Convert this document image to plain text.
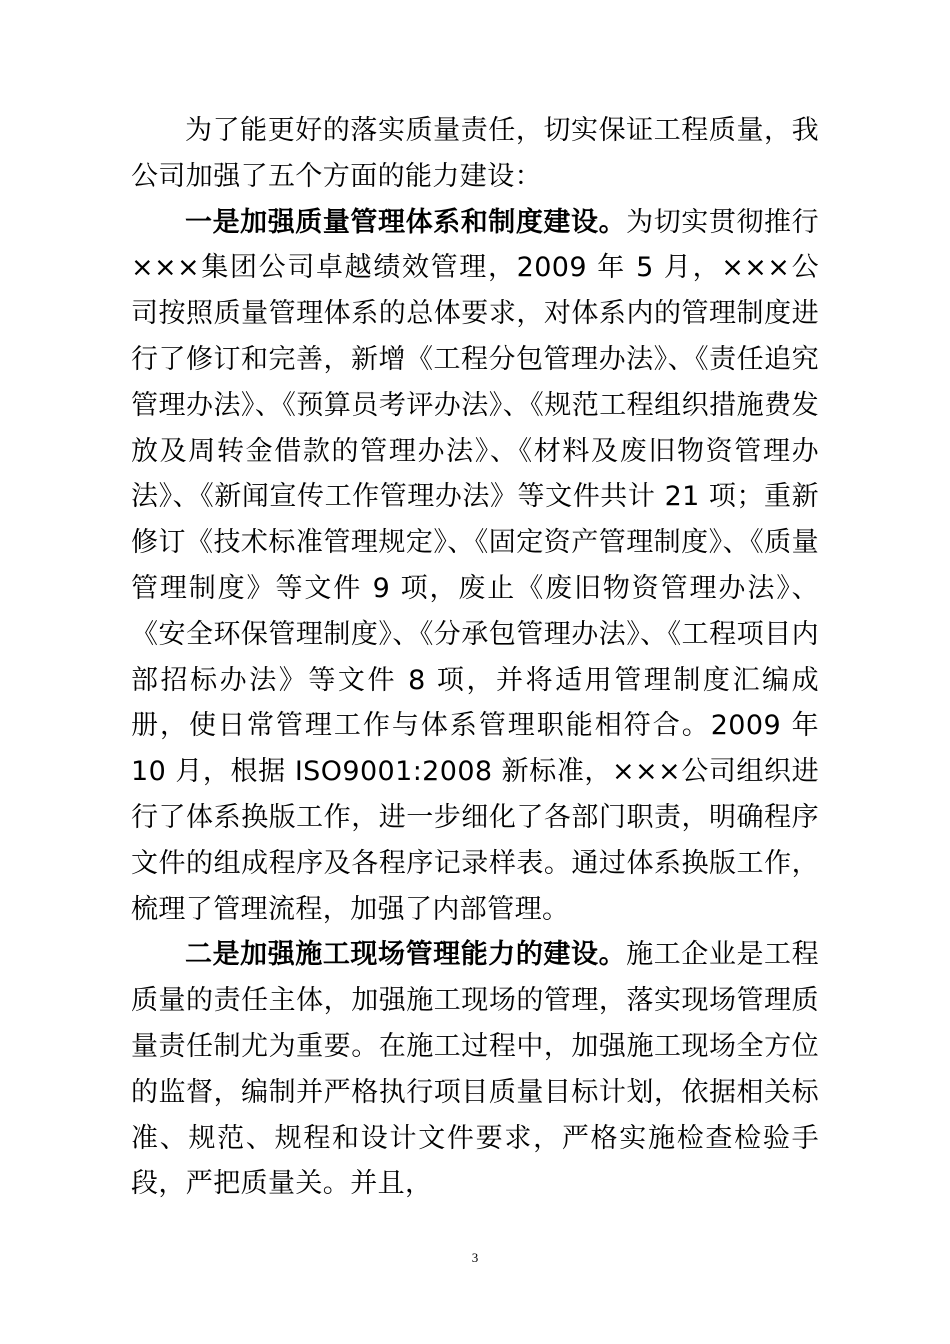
为了能更好的落实质量责任，切实保证工程质量，我公司加强了五个方面的能力建设：

一是加强质量管理体系和制度建设。为切实贯彻推行×××集团公司卓越绩效管理，2009 年 5 月，×××公司按照质量管理体系的总体要求，对体系内的管理制度进行了修订和完善，新增《工程分包管理办法》、《责任追究管理办法》、《预算员考评办法》、《规范工程组织措施费发放及周转金借款的管理办法》、《材料及废旧物资管理办法》、《新闻宣传工作管理办法》等文件共计 21 项；重新修订《技术标准管理规定》、《固定资产管理制度》、《质量管理制度》等文件 9 项，废止《废旧物资管理办法》、《安全环保管理制度》、《分承包管理办法》、《工程项目内部招标办法》等文件 8 项，并将适用管理制度汇编成册，使日常管理工作与体系管理职能相符合。2009 年 10 月，根据 ISO9001:2008 新标准，×××公司组织进行了体系换版工作，进一步细化了各部门职责，明确程序文件的组成程序及各程序记录样表。通过体系换版工作，梳理了管理流程，加强了内部管理。

二是加强施工现场管理能力的建设。施工企业是工程质量的责任主体，加强施工现场的管理，落实现场管理质量责任制尤为重要。在施工过程中，加强施工现场全方位的监督，编制并严格执行项目质量目标计划，依据相关标准、规范、规程和设计文件要求，严格实施检查检验手段，严把质量关。并且，

3
